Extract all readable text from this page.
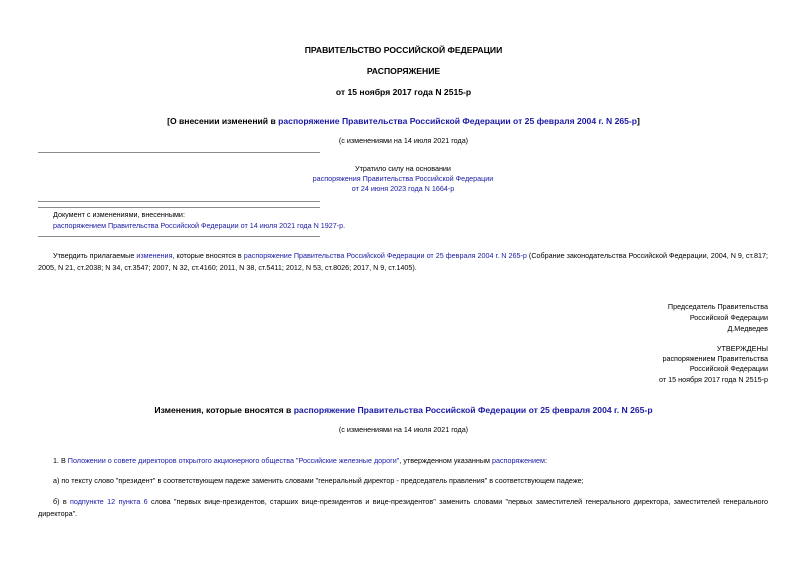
ПРАВИТЕЛЬСТВО РОССИЙСКОЙ ФЕДЕРАЦИИ
РАСПОРЯЖЕНИЕ
от 15 ноября 2017 года N 2515-р
[О внесении изменений в распоряжение Правительства Российской Федерации от 25 февраля 2004 г. N 265-р]
(с изменениями на 14 июля 2021 года)
Утратило силу на основании
распоряжения Правительства Российской Федерации
от 24 июня 2023 года N 1664-р
Документ с изменениями, внесенными:
распоряжением Правительства Российской Федерации от 14 июля 2021 года N 1927-р.
Утвердить прилагаемые изменения, которые вносятся в распоряжение Правительства Российской Федерации от 25 февраля 2004 г. N 265-р (Собрание законодательства Российской Федерации, 2004, N 9, ст.817; 2005, N 21, ст.2038; N 34, ст.3547; 2007, N 32, ст.4160; 2011, N 38, ст.5411; 2012, N 53, ст.8026; 2017, N 9, ст.1405).
Председатель Правительства
Российской Федерации
Д.Медведев
УТВЕРЖДЕНЫ
распоряжением Правительства
Российской Федерации
от 15 ноября 2017 года N 2515-р
Изменения, которые вносятся в распоряжение Правительства Российской Федерации от 25 февраля 2004 г. N 265-р
(с изменениями на 14 июля 2021 года)
1. В Положении о совете директоров открытого акционерного общества "Российские железные дороги", утвержденном указанным распоряжением:
а) по тексту слово "президент" в соответствующем падеже заменить словами "генеральный директор - председатель правления" в соответствующем падеже;
б) в подпункте 12 пункта 6 слова "первых вице-президентов, старших вице-президентов и вице-президентов" заменить словами "первых заместителей генерального директора, заместителей генерального директора".
